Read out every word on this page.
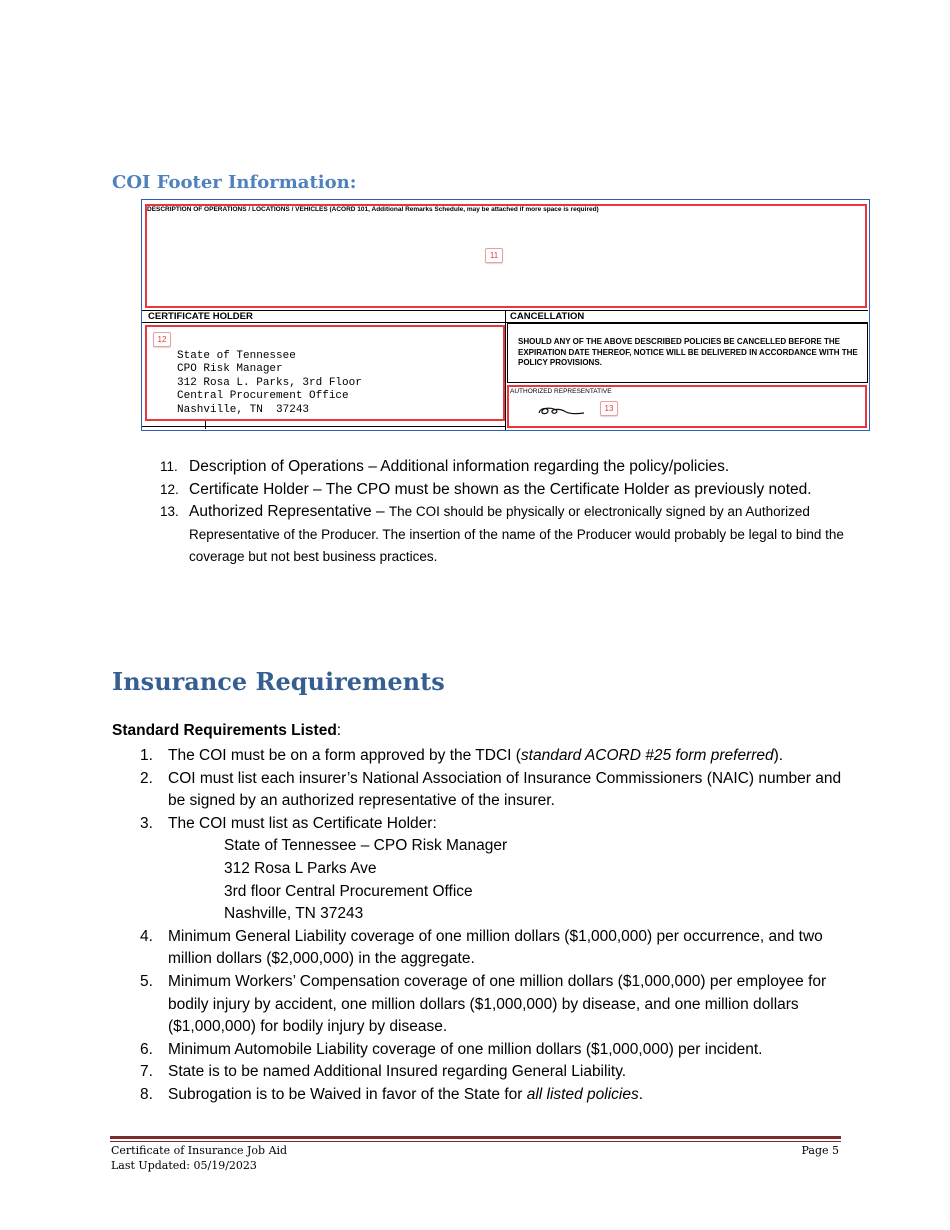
COI Footer Information:
DESCRIPTION OF OPERATIONS / LOCATIONS / VEHICLES (ACORD 101, Additional Remarks Schedule, may be attached if more space is required)
11
CERTIFICATE HOLDER	CANCELLATION
12
State of Tennessee
CPO Risk Manager
312 Rosa L. Parks, 3rd Floor
Central Procurement Office
Nashville, TN  37243
SHOULD ANY OF THE ABOVE DESCRIBED POLICIES BE CANCELLED BEFORE THE EXPIRATION DATE THEREOF, NOTICE WILL BE DELIVERED IN ACCORDANCE WITH THE POLICY PROVISIONS.
AUTHORIZED REPRESENTATIVE
13
11. Description of Operations – Additional information regarding the policy/policies.
12. Certificate Holder – The CPO must be shown as the Certificate Holder as previously noted.
13. Authorized Representative – The COI should be physically or electronically signed by an Authorized Representative of the Producer. The insertion of the name of the Producer would probably be legal to bind the coverage but not best business practices.
Insurance Requirements
Standard Requirements Listed:
1. The COI must be on a form approved by the TDCI (standard ACORD #25 form preferred).
2. COI must list each insurer’s National Association of Insurance Commissioners (NAIC) number and be signed by an authorized representative of the insurer.
3. The COI must list as Certificate Holder:
State of Tennessee – CPO Risk Manager
312 Rosa L Parks Ave
3rd floor Central Procurement Office
Nashville, TN 37243
4. Minimum General Liability coverage of one million dollars ($1,000,000) per occurrence, and two million dollars ($2,000,000) in the aggregate.
5. Minimum Workers’ Compensation coverage of one million dollars ($1,000,000) per employee for bodily injury by accident, one million dollars ($1,000,000) by disease, and one million dollars ($1,000,000) for bodily injury by disease.
6. Minimum Automobile Liability coverage of one million dollars ($1,000,000) per incident.
7. State is to be named Additional Insured regarding General Liability.
8. Subrogation is to be Waived in favor of the State for all listed policies.
Certificate of Insurance Job Aid
Last Updated: 05/19/2023
Page 5
